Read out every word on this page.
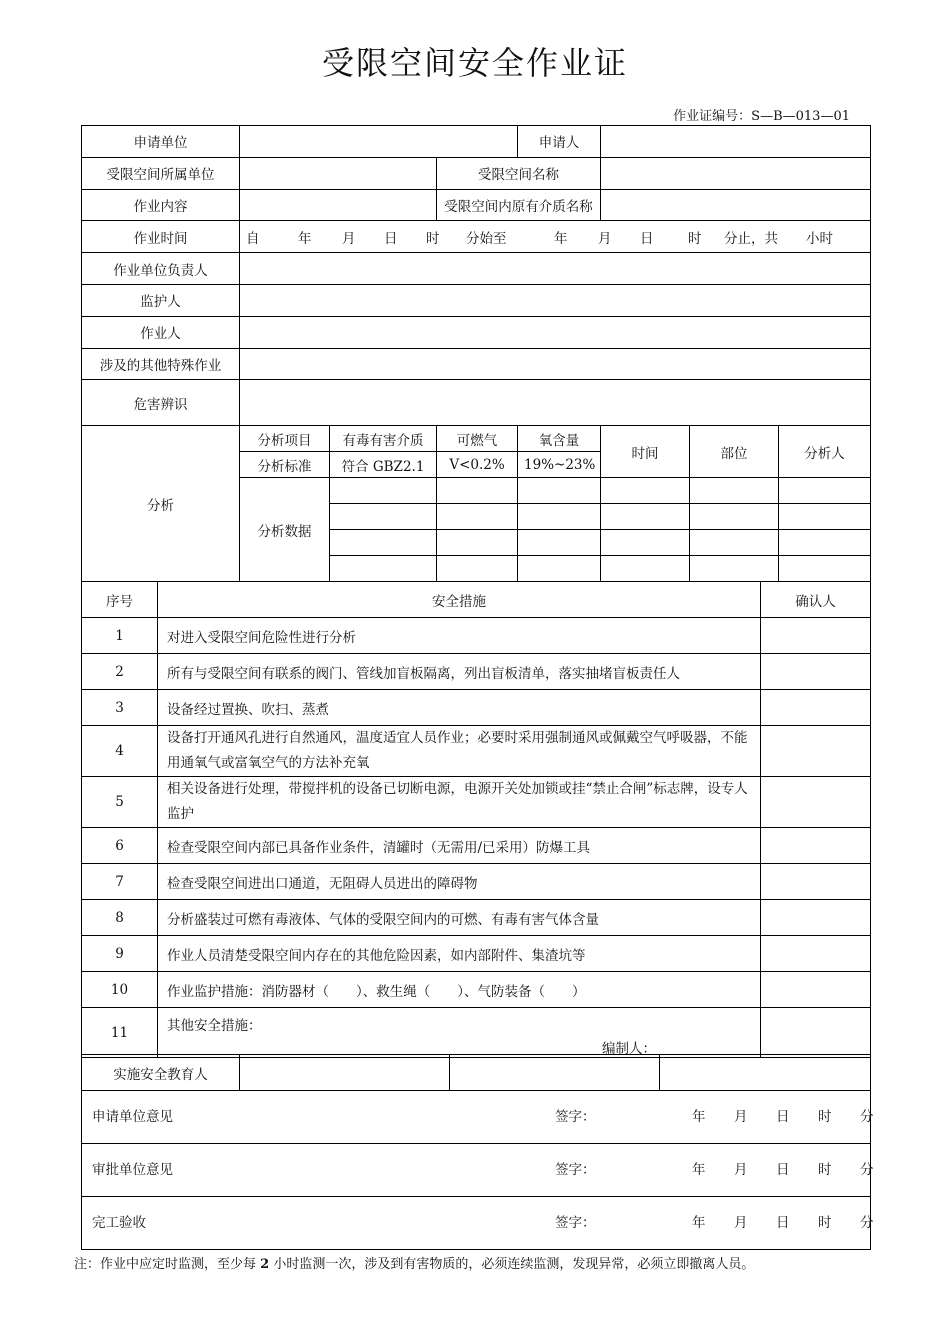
受限空间安全作业证
作业证编号：S—B—013—01
申请单位				申请人			
受限空间所属单位			受限空间名称				
作业内容			受限空间内原有介质名称				
作业时间	自 年 月 日 时 分始至 年 月 日 时 分止，共 小时						
作业单位负责人							
监护人							
作业人							
涉及的其他特殊作业							
危害辨识							
分析	分析项目	有毒有害介质	可燃气	氧含量	时间	部位	分析人
	分析标准	符合 GBZ2.1	V<0.2%	19%~23%			
	分析数据						

序号	安全措施	确认人
1	对进入受限空间危险性进行分析	
2	所有与受限空间有联系的阀门、管线加盲板隔离，列出盲板清单，落实抽堵盲板责任人	
3	设备经过置换、吹扫、蒸煮	
4	设备打开通风孔进行自然通风，温度适宜人员作业；必要时采用强制通风或佩戴空气呼吸器，不能用通氧气或富氧空气的方法补充氧	
5	相关设备进行处理，带搅拌机的设备已切断电源，电源开关处加锁或挂“禁止合闸”标志牌，设专人监护	
6	检查受限空间内部已具备作业条件，清罐时（无需用/已采用）防爆工具	
7	检查受限空间进出口通道，无阻碍人员进出的障碍物	
8	分析盛装过可燃有毒液体、气体的受限空间内的可燃、有毒有害气体含量	
9	作业人员清楚受限空间内存在的其他危险因素，如内部附件、集渣坑等	
10	作业监护措施：消防器材（　　）、救生绳（　　）、气防装备（　　）	
11	其他安全措施：
编制人：	

实施安全教育人			
申请单位意见	签字：	年 月 日 时 分

审批单位意见	签字：	年 月 日 时 分

完工验收	签字：	年 月 日 时 分
注：作业中应定时监测，至少每 2 小时监测一次，涉及到有害物质的，必须连续监测，发现异常，必须立即撤离人员。
